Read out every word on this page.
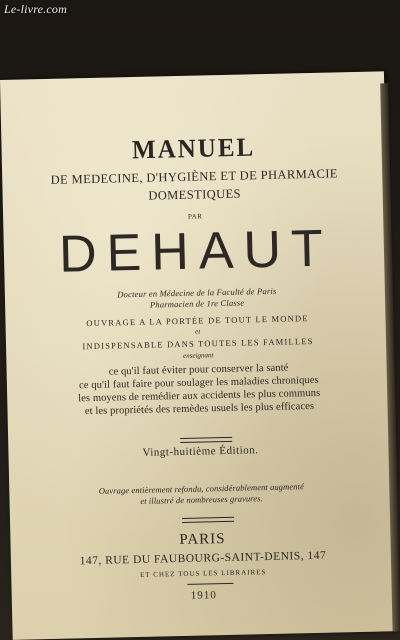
Le-livre.com
MANUEL
DE MEDECINE, D'HYGIÈNE ET DE PHARMACIE
DOMESTIQUES
PAR
DEHAUT
Docteur en Médecine de la Faculté de Paris
Pharmacien de 1re Classe
OUVRAGE A LA PORTÉE DE TOUT LE MONDE
et
INDISPENSABLE DANS TOUTES LES FAMILLES
enseignant
ce qu'il faut éviter pour conserver la santé
ce qu'il faut faire pour soulager les maladies chroniques
les moyens de remédier aux accidents les plus communs
et les propriétés des remèdes usuels les plus efficaces
Vingt-huitième Édition.
Ouvrage entièrement refondu, considérablement augmenté
et illustré de nombreuses gravures.
PARIS
147, RUE DU FAUBOURG-SAINT-DENIS, 147
ET CHEZ TOUS LES LIBRAIRES
1910
